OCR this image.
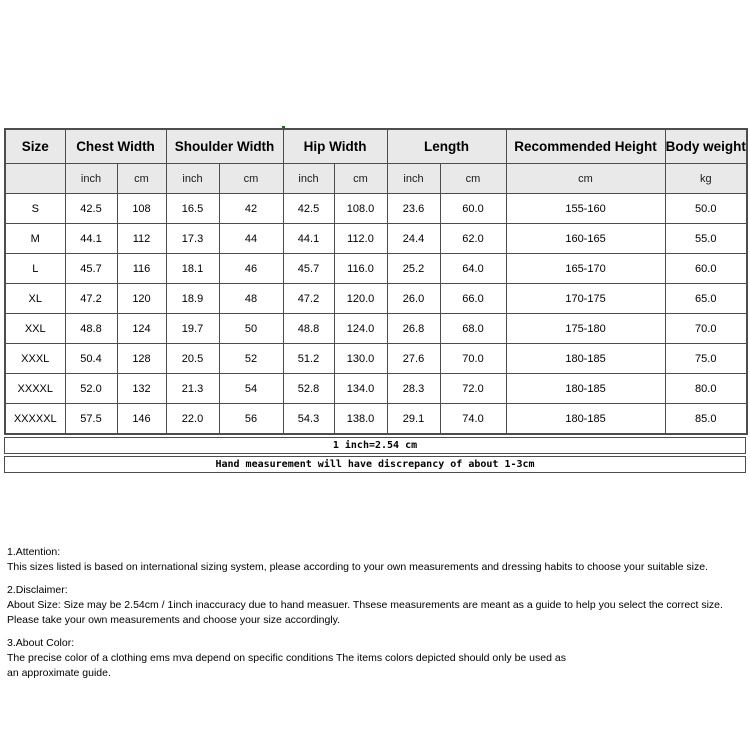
Size	Chest Width		Shoulder Width		Hip Width		Length		Recommended Height	Body weight
	inch	cm	inch	cm	inch	cm	inch	cm	cm	kg
S	42.5	108	16.5	42	42.5	108.0	23.6	60.0	155-160	50.0
M	44.1	112	17.3	44	44.1	112.0	24.4	62.0	160-165	55.0
L	45.7	116	18.1	46	45.7	116.0	25.2	64.0	165-170	60.0
XL	47.2	120	18.9	48	47.2	120.0	26.0	66.0	170-175	65.0
XXL	48.8	124	19.7	50	48.8	124.0	26.8	68.0	175-180	70.0
XXXL	50.4	128	20.5	52	51.2	130.0	27.6	70.0	180-185	75.0
XXXXL	52.0	132	21.3	54	52.8	134.0	28.3	72.0	180-185	80.0
XXXXXL	57.5	146	22.0	56	54.3	138.0	29.1	74.0	180-185	85.0
1 inch=2.54 cm
Hand measurement will have discrepancy of about 1-3cm
1.Attention:
This sizes listed is based on international sizing system, please according to your own measurements and dressing habits to choose your suitable size.
2.Disclaimer:
About Size: Size may be 2.54cm / 1inch inaccuracy due to hand measuer. Thsese measurements are meant as a guide to help you select the correct size.
Please take your own measurements and choose your size accordingly.
3.About Color:
The precise color of a clothing ems mva depend on specific conditions The items colors depicted should only be used as
an approximate guide.
